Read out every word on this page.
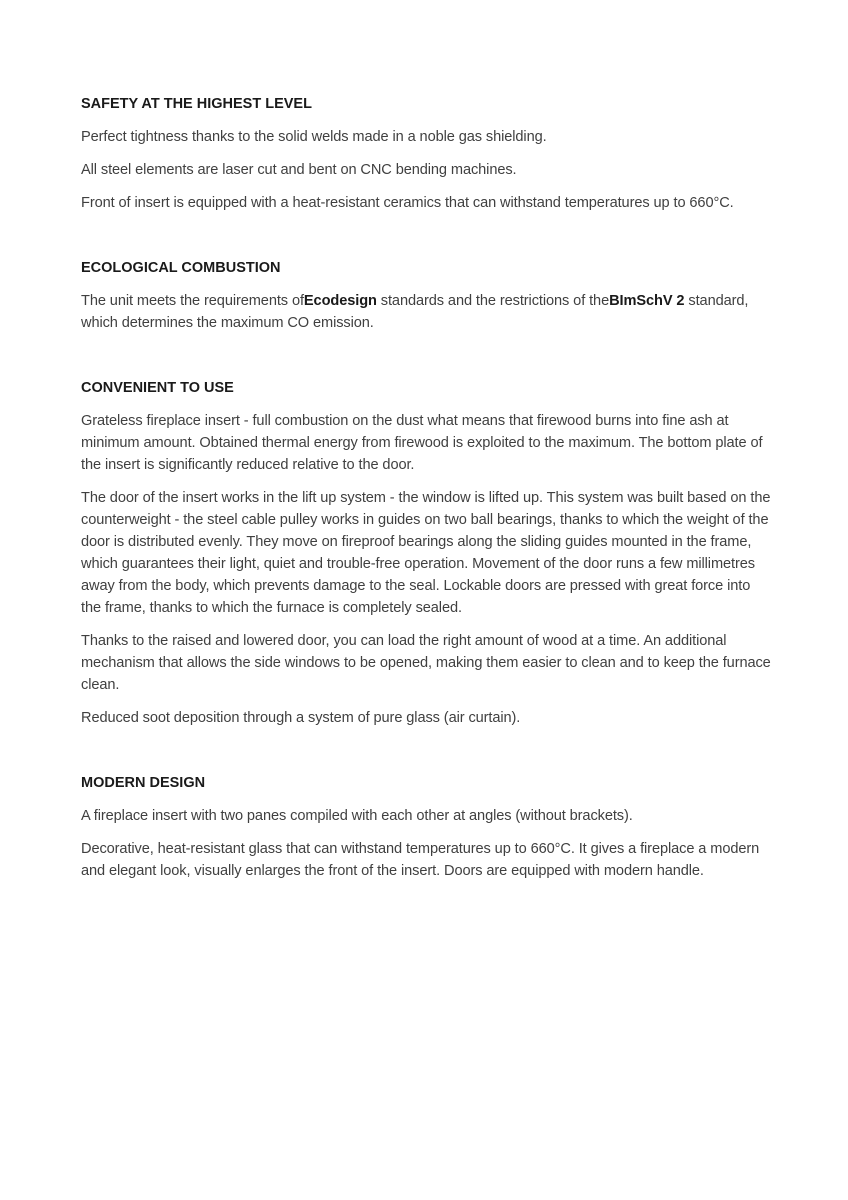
SAFETY AT THE HIGHEST LEVEL

Perfect tightness thanks to the solid welds made in a noble gas shielding.

All steel elements are laser cut and bent on CNC bending machines.

Front of insert is equipped with a heat-resistant ceramics that can withstand temperatures up to 660°C.

ECOLOGICAL COMBUSTION

The unit meets the requirements ofEcodesign standards and the restrictions of theBImSchV 2 standard, which determines the maximum CO emission.

CONVENIENT TO USE

Grateless fireplace insert - full combustion on the dust what means that firewood burns into fine ash at minimum amount. Obtained thermal energy from firewood is exploited to the maximum. The bottom plate of the insert is significantly reduced relative to the door.

The door of the insert works in the lift up system - the window is lifted up. This system was built based on the counterweight - the steel cable pulley works in guides on two ball bearings, thanks to which the weight of the door is distributed evenly. They move on fireproof bearings along the sliding guides mounted in the frame, which guarantees their light, quiet and trouble-free operation. Movement of the door runs a few millimetres away from the body, which prevents damage to the seal. Lockable doors are pressed with great force into the frame, thanks to which the furnace is completely sealed.

Thanks to the raised and lowered door, you can load the right amount of wood at a time. An additional mechanism that allows the side windows to be opened, making them easier to clean and to keep the furnace clean.

Reduced soot deposition through a system of pure glass (air curtain).

MODERN DESIGN

A fireplace insert with two panes compiled with each other at angles (without brackets).

Decorative, heat-resistant glass that can withstand temperatures up to 660°C. It gives a fireplace a modern and elegant look, visually enlarges the front of the insert. Doors are equipped with modern handle.
